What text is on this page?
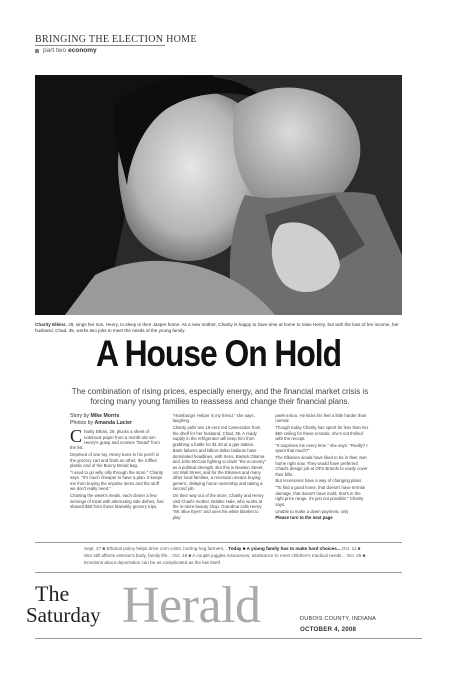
BRINGING THE ELECTION HOME
part two economy
Charity Elkins, 29, sings her son, Henry, to sleep in their Jasper home. As a new mother, Charity is happy to have time at home to raise Henry, but with the loss of her income, her husband, Chad, 35, works two jobs to meet the needs of the young family.
A House On Hold
The combination of rising prices, especially energy, and the financial market crisis is forcing many young families to reassess and change their financial plans.
Story by Mike Morris
Photos by Amanda Lucier

Charity Elkins, 29, plucks a sheet of notebook paper from a month-old son Henry's grasp and crosses "bread" from the list.

Deprived of one toy, Henry turns in his perch in the grocery cart and finds an other, the ruffled plastic end of the Bunny Bread bag.

"I used to go willy nilly through the store," Charity says. "It's much cheaper to have a plan. It keeps me from buying the impulse items and the stuff we don't really need."

Charting the week's meals, each dinner a few servings of meat with alternating side dishes, has shaved $50 from these biweekly grocery trips.

"Hamburger Helper is my friend," she says, laughing.

Charity pulls two 16-cent red Camerados from the shelf for her husband, Chad, 35. A ready supply in the refrigerator will keep him from grabbing a bottle for $1.30 at a gas station.

Bank failures and billion-dollar bailouts have dominated headlines, with Sens. Barack Obama and John McCain fighting to claim "the economy" as a political strength. But this is Newton Street, not Wall Street, and for the Elkinses and many other local families, a recession means buying generic, delaying home ownership and taking a second job.

On their way out of the store, Charity and Henry visit Chad's mother, Bobbie Hale, who works at the in-store beauty shop. Grandma calls Henry "Mr. Blue Eyes" and uses his white blanket to play

peek-a-boo. He kicks his feet a little harder than normal.

Though today Charity has spent far less than her $60 ceiling for these errands, she's not thrilled with the receipt.

"It surprises me every time," she says. "Really? I spent that much?"

The Elkinses would have liked to be in their own home right now. They would have preferred Chad's design job at OFS Brands to easily cover their bills.

But recessions have a way of changing plans.

"To find a good home, that doesn't have termite damage, that doesn't have mold, that's in the right price range, it's just not possible," Charity says.

Unable to make a down payment, only

Please turn to the next page

Sept. 27 ■ Ethanol policy helps drive corn costs, hurting hog farmers... Today ■ A young family has to make hard choices... Oct. 11 ■ War still affects veteran's body, family life... Oct. 18 ■ A couple juggles insurances, assistance to meet children's medical needs... Oct. 25 ■ Emotions about deportation can be as complicated as the law itself.
The
Saturday Herald	DUBOIS COUNTY, INDIANA
OCTOBER 4, 2008
